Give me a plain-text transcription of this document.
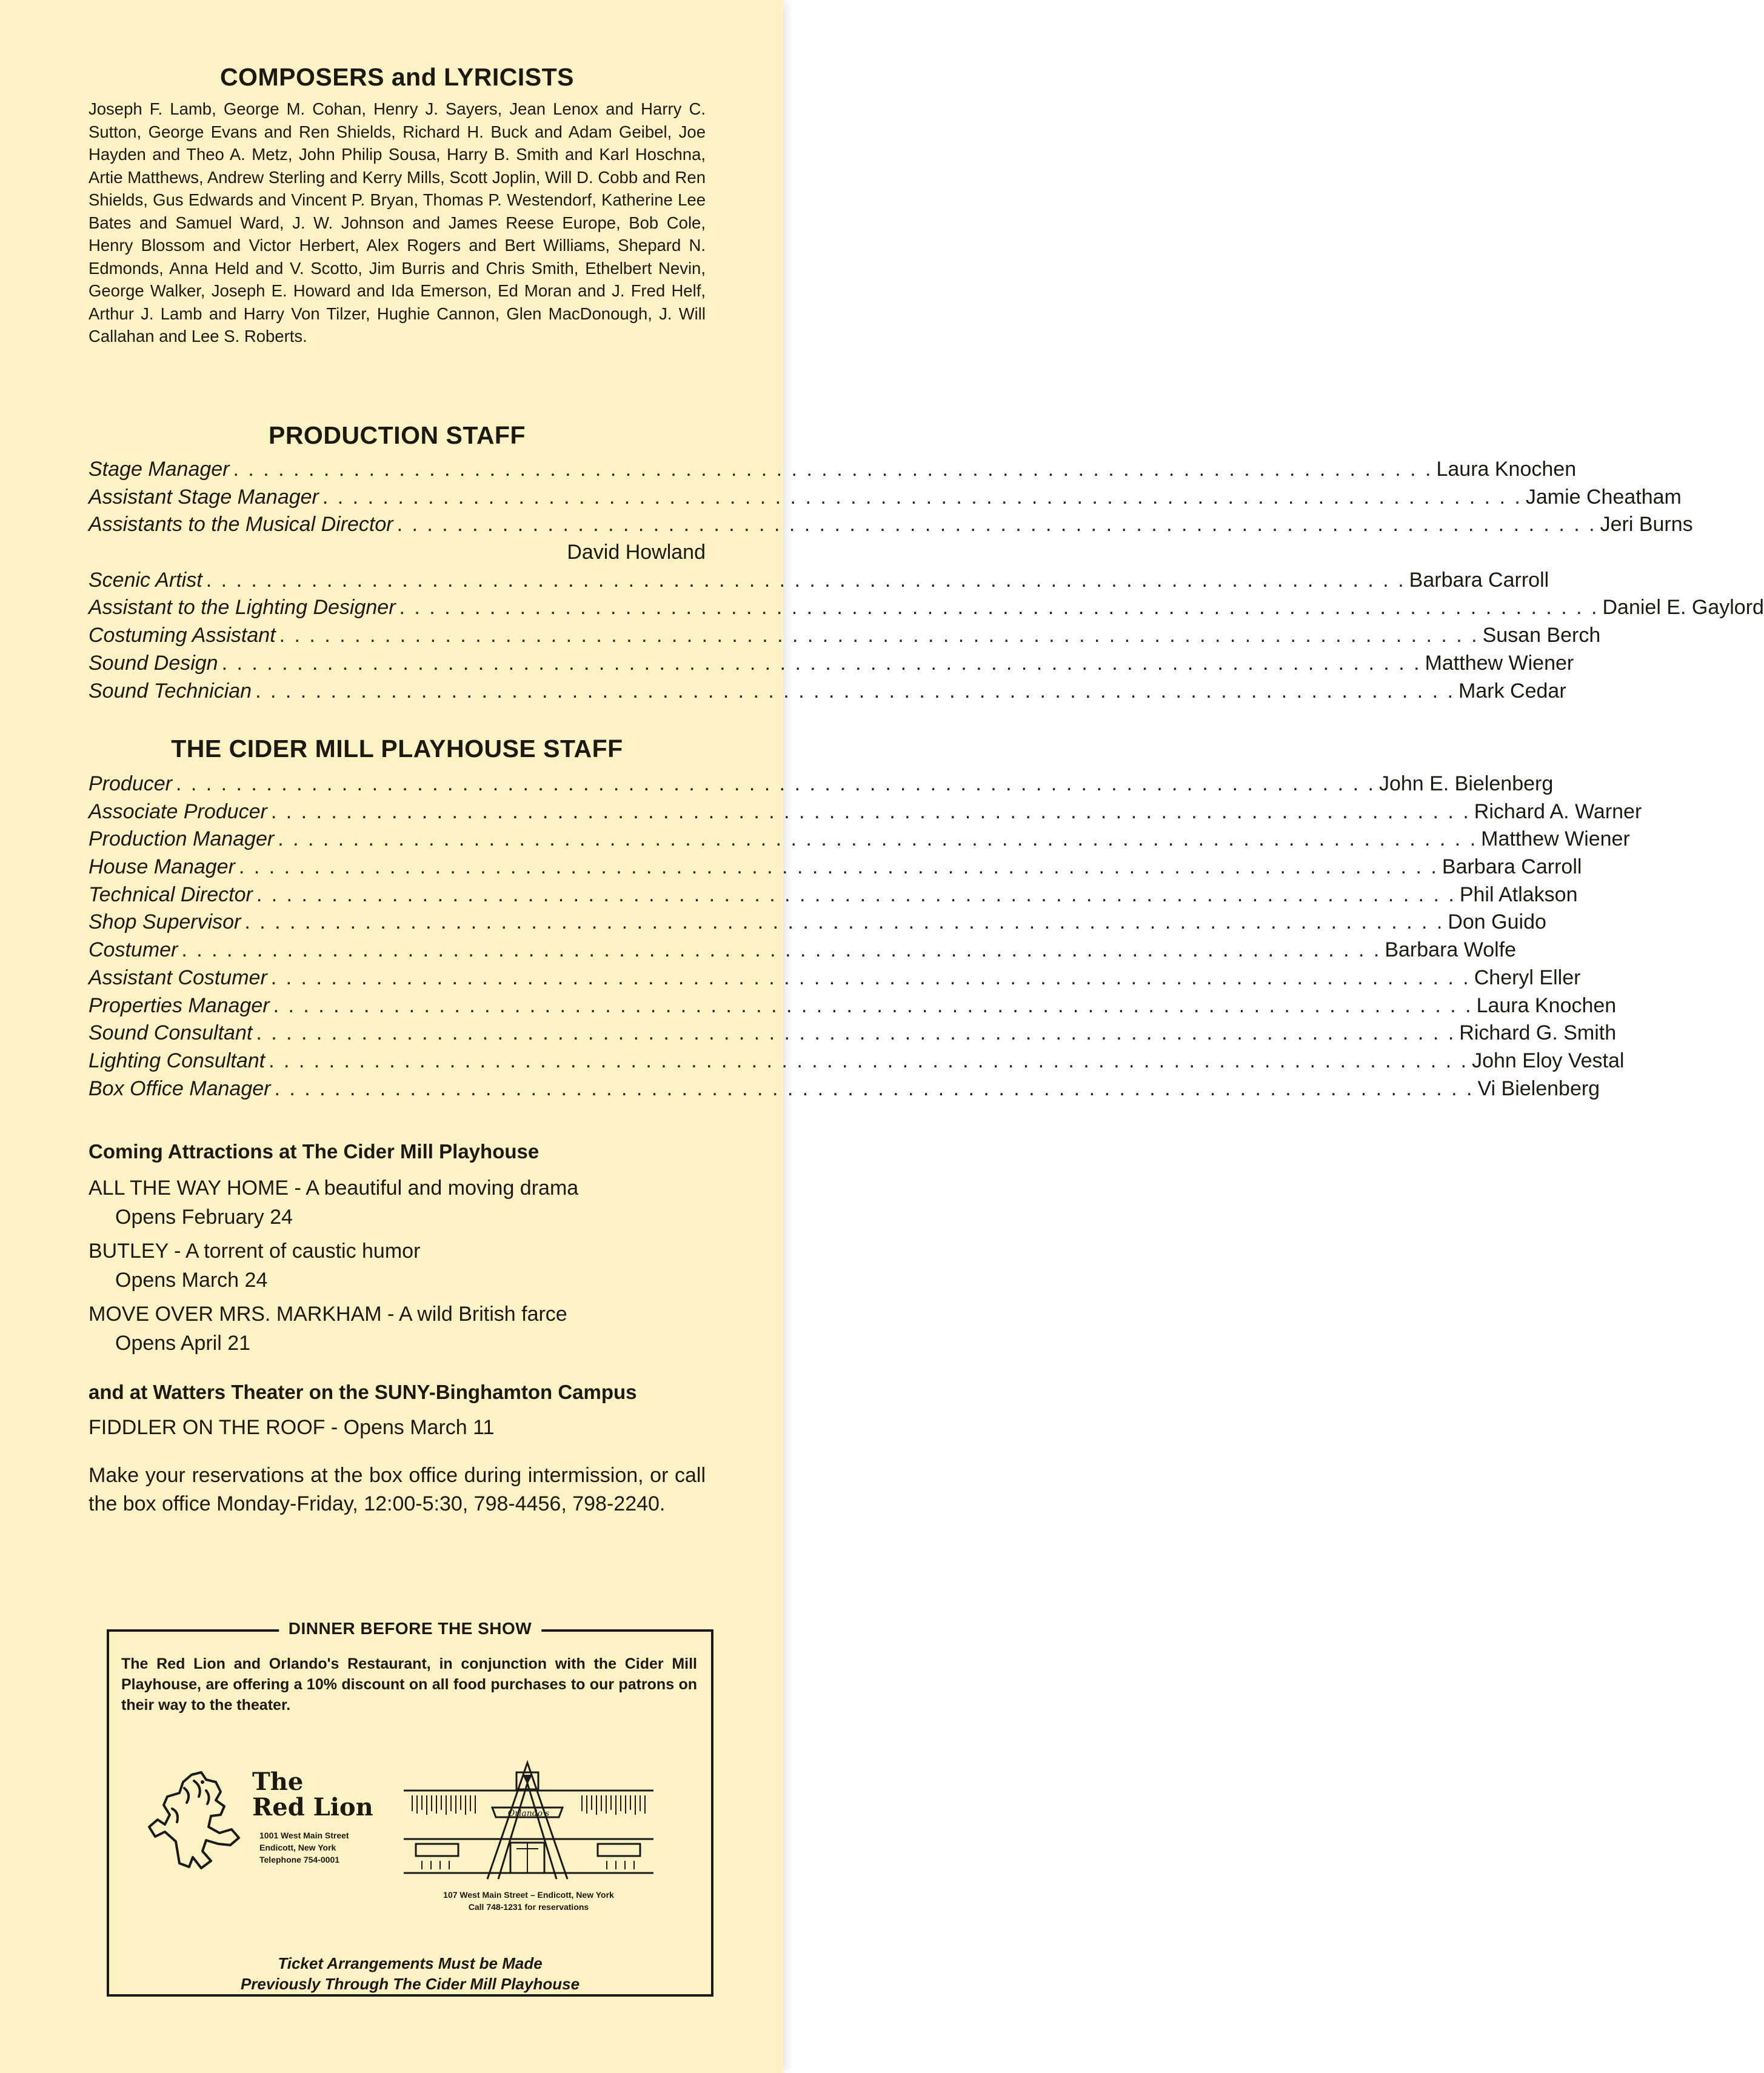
COMPOSERS and LYRICISTS

Joseph F. Lamb, George M. Cohan, Henry J. Sayers, Jean Lenox and Harry C. Sutton, George Evans and Ren Shields, Richard H. Buck and Adam Geibel, Joe Hayden and Theo A. Metz, John Philip Sousa, Harry B. Smith and Karl Hoschna, Artie Matthews, Andrew Sterling and Kerry Mills, Scott Joplin, Will D. Cobb and Ren Shields, Gus Edwards and Vincent P. Bryan, Thomas P. Westendorf, Katherine Lee Bates and Samuel Ward, J. W. Johnson and James Reese Europe, Bob Cole, Henry Blossom and Victor Herbert, Alex Rogers and Bert Williams, Shepard N. Edmonds, Anna Held and V. Scotto, Jim Burris and Chris Smith, Ethelbert Nevin, George Walker, Joseph E. Howard and Ida Emerson, Ed Moran and J. Fred Helf, Arthur J. Lamb and Harry Von Tilzer, Hughie Cannon, Glen MacDonough, J. Will Callahan and Lee S. Roberts.

PRODUCTION STAFF
Stage Manager . . . . . . . . . . . . . . . . . . . . . . . . . . . . . . . . . . . . . . . . . . . . . . . . . . . . . . . . . . . . . . . . . . . . . . . . . . . . . . . . Laura Knochen
Assistant Stage Manager . . . . . . . . . . . . . . . . . . . . . . . . . . . . . . . . . . . . . . . . . . . . . . . . . . . . . . . . . . . . . . . . . . . . . . . . . . . . . . . . Jamie Cheatham
Assistants to the Musical Director . . . . . . . . . . . . . . . . . . . . . . . . . . . . . . . . . . . . . . . . . . . . . . . . . . . . . . . . . . . . . . . . . . . . . . . . . . . . . . . . Jeri Burns
David Howland
Scenic Artist . . . . . . . . . . . . . . . . . . . . . . . . . . . . . . . . . . . . . . . . . . . . . . . . . . . . . . . . . . . . . . . . . . . . . . . . . . . . . . . . Barbara Carroll
Assistant to the Lighting Designer . . . . . . . . . . . . . . . . . . . . . . . . . . . . . . . . . . . . . . . . . . . . . . . . . . . . . . . . . . . . . . . . . . . . . . . . . . . . . . . . Daniel E. Gaylord
Costuming Assistant . . . . . . . . . . . . . . . . . . . . . . . . . . . . . . . . . . . . . . . . . . . . . . . . . . . . . . . . . . . . . . . . . . . . . . . . . . . . . . . . Susan Berch
Sound Design . . . . . . . . . . . . . . . . . . . . . . . . . . . . . . . . . . . . . . . . . . . . . . . . . . . . . . . . . . . . . . . . . . . . . . . . . . . . . . . . Matthew Wiener
Sound Technician . . . . . . . . . . . . . . . . . . . . . . . . . . . . . . . . . . . . . . . . . . . . . . . . . . . . . . . . . . . . . . . . . . . . . . . . . . . . . . . . Mark Cedar
THE CIDER MILL PLAYHOUSE STAFF
Producer . . . . . . . . . . . . . . . . . . . . . . . . . . . . . . . . . . . . . . . . . . . . . . . . . . . . . . . . . . . . . . . . . . . . . . . . . . . . . . . . John E. Bielenberg
Associate Producer . . . . . . . . . . . . . . . . . . . . . . . . . . . . . . . . . . . . . . . . . . . . . . . . . . . . . . . . . . . . . . . . . . . . . . . . . . . . . . . . Richard A. Warner
Production Manager . . . . . . . . . . . . . . . . . . . . . . . . . . . . . . . . . . . . . . . . . . . . . . . . . . . . . . . . . . . . . . . . . . . . . . . . . . . . . . . . Matthew Wiener
House Manager . . . . . . . . . . . . . . . . . . . . . . . . . . . . . . . . . . . . . . . . . . . . . . . . . . . . . . . . . . . . . . . . . . . . . . . . . . . . . . . . Barbara Carroll
Technical Director . . . . . . . . . . . . . . . . . . . . . . . . . . . . . . . . . . . . . . . . . . . . . . . . . . . . . . . . . . . . . . . . . . . . . . . . . . . . . . . . Phil Atlakson
Shop Supervisor . . . . . . . . . . . . . . . . . . . . . . . . . . . . . . . . . . . . . . . . . . . . . . . . . . . . . . . . . . . . . . . . . . . . . . . . . . . . . . . . Don Guido
Costumer . . . . . . . . . . . . . . . . . . . . . . . . . . . . . . . . . . . . . . . . . . . . . . . . . . . . . . . . . . . . . . . . . . . . . . . . . . . . . . . . Barbara Wolfe
Assistant Costumer . . . . . . . . . . . . . . . . . . . . . . . . . . . . . . . . . . . . . . . . . . . . . . . . . . . . . . . . . . . . . . . . . . . . . . . . . . . . . . . . Cheryl Eller
Properties Manager . . . . . . . . . . . . . . . . . . . . . . . . . . . . . . . . . . . . . . . . . . . . . . . . . . . . . . . . . . . . . . . . . . . . . . . . . . . . . . . . Laura Knochen
Sound Consultant . . . . . . . . . . . . . . . . . . . . . . . . . . . . . . . . . . . . . . . . . . . . . . . . . . . . . . . . . . . . . . . . . . . . . . . . . . . . . . . . Richard G. Smith
Lighting Consultant . . . . . . . . . . . . . . . . . . . . . . . . . . . . . . . . . . . . . . . . . . . . . . . . . . . . . . . . . . . . . . . . . . . . . . . . . . . . . . . . John Eloy Vestal
Box Office Manager . . . . . . . . . . . . . . . . . . . . . . . . . . . . . . . . . . . . . . . . . . . . . . . . . . . . . . . . . . . . . . . . . . . . . . . . . . . . . . . . Vi Bielenberg

Coming Attractions at The Cider Mill Playhouse

ALL THE WAY HOME - A beautiful and moving drama

Opens February 24

BUTLEY - A torrent of caustic humor

Opens March 24

MOVE OVER MRS. MARKHAM - A wild British farce

Opens April 21

and at Watters Theater on the SUNY-Binghamton Campus

FIDDLER ON THE ROOF - Opens March 11

Make your reservations at the box office during intermission, or call the box office Monday-Friday, 12:00-5:30, 798-4456, 798-2240.

DINNER BEFORE THE SHOW

The Red Lion and Orlando's Restaurant, in conjunction with the Cider Mill Playhouse, are offering a 10% discount on all food purchases to our patrons on their way to the theater.

The
Red Lion
1001 West Main Street
Endicott, New York
Telephone 754-0001
Orlando's
107 West Main Street – Endicott, New York
Call 748-1231 for reservations
Ticket Arrangements Must be Made
Previously Through The Cider Mill Playhouse
